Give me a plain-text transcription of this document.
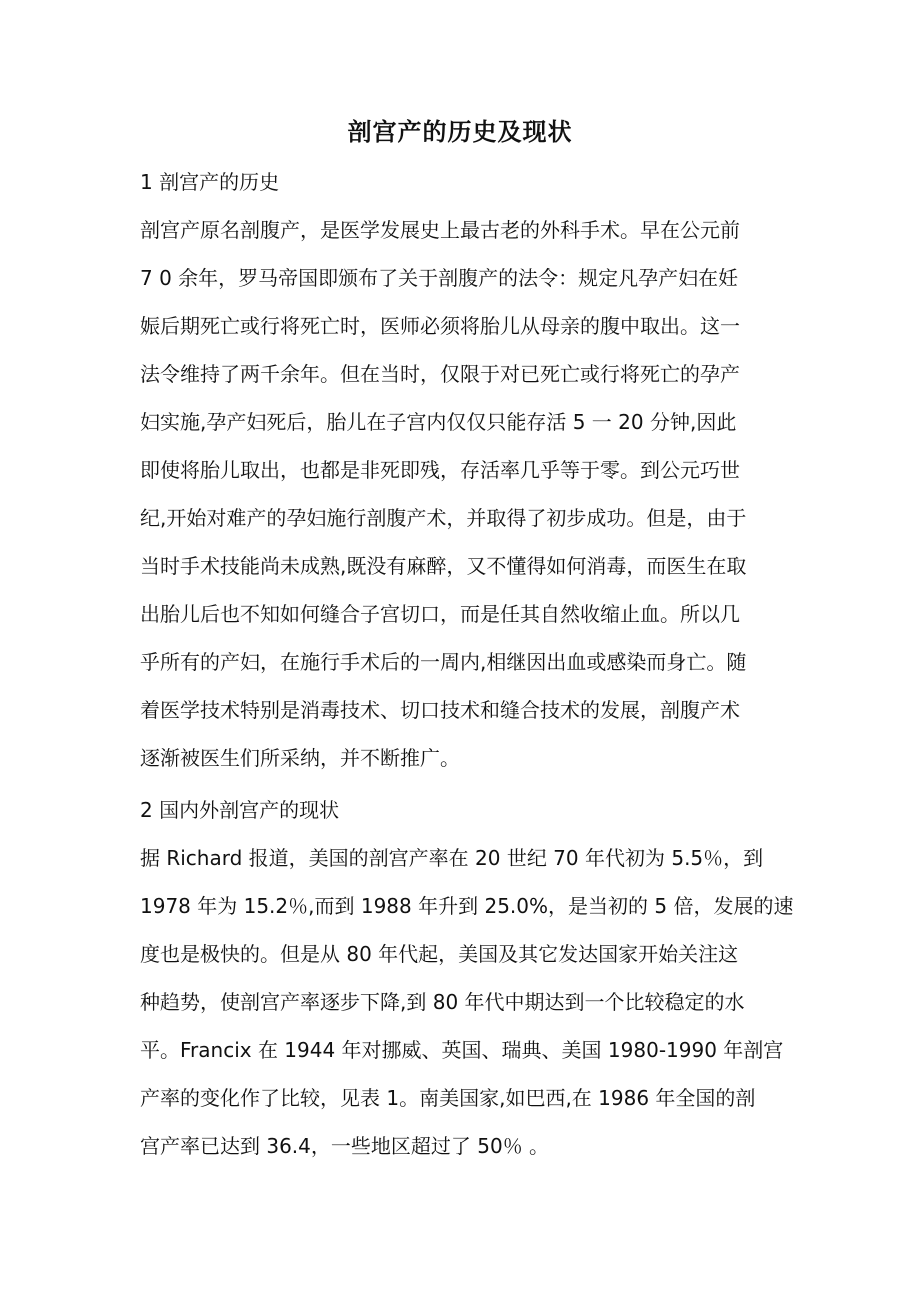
剖宫产的历史及现状
1 剖宫产的历史
剖宫产原名剖腹产，是医学发展史上最古老的外科手术。早在公元前
7 0 余年，罗马帝国即颁布了关于剖腹产的法令：规定凡孕产妇在妊
娠后期死亡或行将死亡时，医师必须将胎儿从母亲的腹中取出。这一
法令维持了两千余年。但在当时，仅限于对已死亡或行将死亡的孕产
妇实施,孕产妇死后，胎儿在子宫内仅仅只能存活 5 一 20 分钟,因此
即使将胎儿取出，也都是非死即残，存活率几乎等于零。到公元巧世
纪,开始对难产的孕妇施行剖腹产术，并取得了初步成功。但是，由于
当时手术技能尚未成熟,既没有麻醉，又不懂得如何消毒，而医生在取
出胎儿后也不知如何缝合子宫切口，而是任其自然收缩止血。所以几
乎所有的产妇，在施行手术后的一周内,相继因出血或感染而身亡。随
着医学技术特别是消毒技术、切口技术和缝合技术的发展，剖腹产术
逐渐被医生们所采纳，并不断推广。
2 国内外剖宫产的现状
据 Richard 报道，美国的剖宫产率在 20 世纪 70 年代初为 5.5％，到
1978 年为 15.2％,而到 1988 年升到 25.0%，是当初的 5 倍，发展的速
度也是极快的。但是从 80 年代起，美国及其它发达国家开始关注这
种趋势，使剖宫产率逐步下降,到 80 年代中期达到一个比较稳定的水
平。Francix 在 1944 年对挪威、英国、瑞典、美国 1980-1990 年剖宫
产率的变化作了比较，见表 1。南美国家,如巴西,在 1986 年全国的剖
宫产率已达到 36.4，一些地区超过了 50％ 。
